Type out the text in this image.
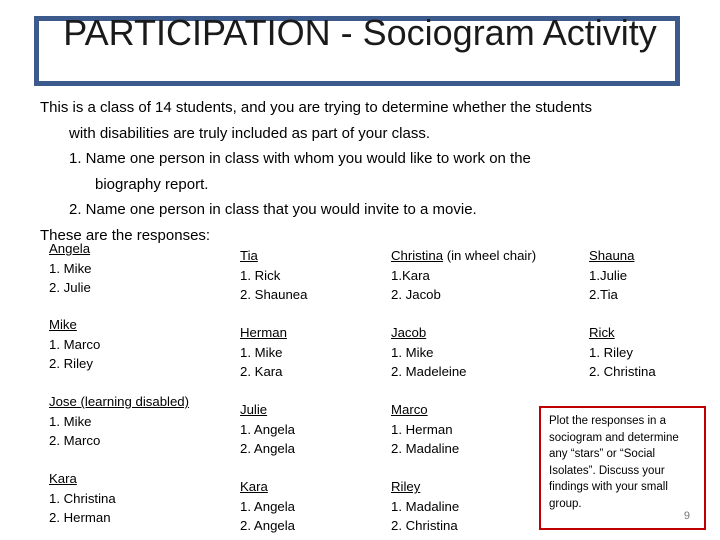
PARTICIPATION - Sociogram Activity

This is a class of 14 students, and you are trying to determine whether the students

with disabilities are truly included as part of your class.

1. Name one person in class with whom you would like to work on the

biography report.

2. Name one person in class that you would invite to a movie.

These are the responses:

Angela
1. Mike
2. Julie
Tia
1. Rick
2. Shaunea
Christina (in wheel chair)
1.Kara
2. Jacob
Shauna
1.Julie
2.Tia
Mike
1. Marco
2. Riley
Herman
1. Mike
2. Kara
Jacob
1. Mike
2. Madeleine
Rick
1. Riley
2. Christina
Jose (learning disabled)
1. Mike
2. Marco
Julie
1. Angela
2. Angela
Marco
1. Herman
2. Madaline
Kara
1. Christina
2. Herman
Kara
1. Angela
2. Angela
Riley
1. Madaline
2. Christina
Plot the responses in a sociogram and determine any “stars” or “Social Isolates”. Discuss your findings with your small group.
9
